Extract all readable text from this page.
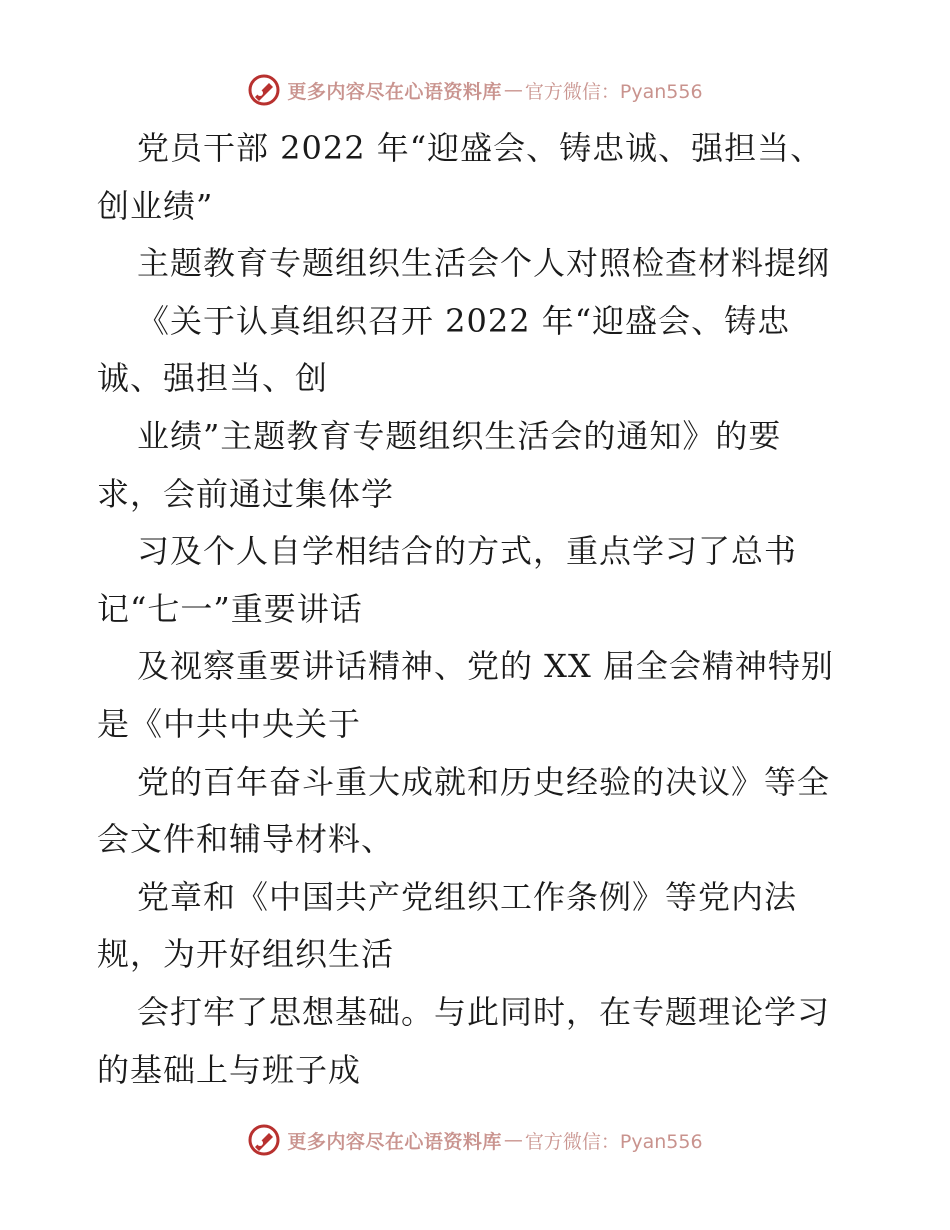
更多内容尽在心语资料库 — 官方微信：Pyan556
党员干部 2022 年“迎盛会、铸忠诚、强担当、
创业绩”
主题教育专题组织生活会个人对照检查材料提纲
《关于认真组织召开 2022 年“迎盛会、铸忠
诚、强担当、创
业绩”主题教育专题组织生活会的通知》的要
求，会前通过集体学
习及个人自学相结合的方式，重点学习了总书
记“七一”重要讲话
及视察重要讲话精神、党的 XX 届全会精神特别
是《中共中央关于
党的百年奋斗重大成就和历史经验的决议》等全
会文件和辅导材料、
党章和《中国共产党组织工作条例》等党内法
规，为开好组织生活
会打牢了思想基础。与此同时，在专题理论学习
的基础上与班子成
更多内容尽在心语资料库 — 官方微信：Pyan556
